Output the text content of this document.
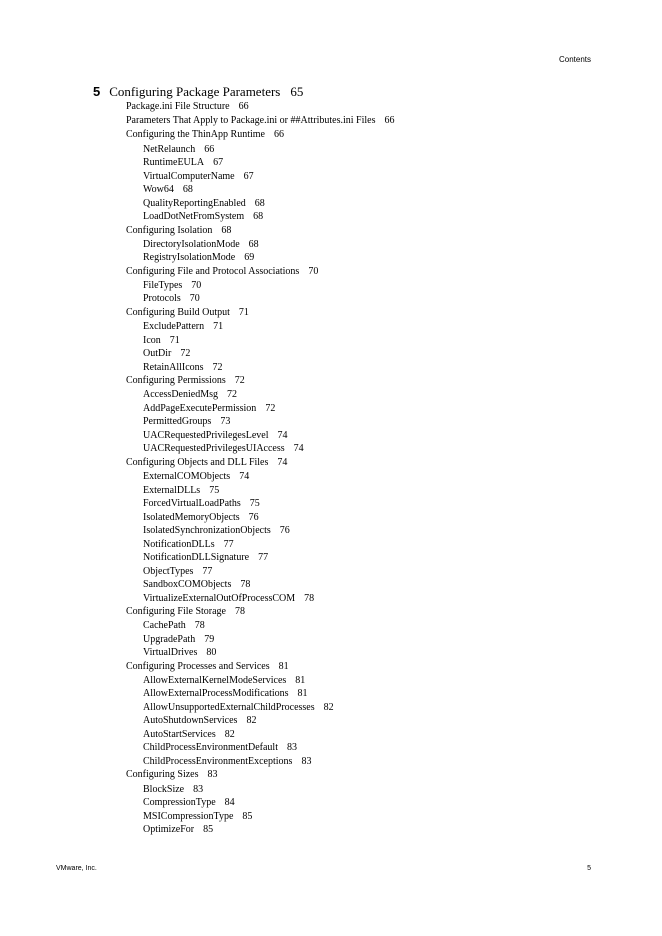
Contents
5 Configuring Package Parameters 65
Package.ini File Structure 66
Parameters That Apply to Package.ini or ##Attributes.ini Files 66
Configuring the ThinApp Runtime 66
NetRelaunch 66
RuntimeEULA 67
VirtualComputerName 67
Wow64 68
QualityReportingEnabled 68
LoadDotNetFromSystem 68
Configuring Isolation 68
DirectoryIsolationMode 68
RegistryIsolationMode 69
Configuring File and Protocol Associations 70
FileTypes 70
Protocols 70
Configuring Build Output 71
ExcludePattern 71
Icon 71
OutDir 72
RetainAllIcons 72
Configuring Permissions 72
AccessDeniedMsg 72
AddPageExecutePermission 72
PermittedGroups 73
UACRequestedPrivilegesLevel 74
UACRequestedPrivilegesUIAccess 74
Configuring Objects and DLL Files 74
ExternalCOMObjects 74
ExternalDLLs 75
ForcedVirtualLoadPaths 75
IsolatedMemoryObjects 76
IsolatedSynchronizationObjects 76
NotificationDLLs 77
NotificationDLLSignature 77
ObjectTypes 77
SandboxCOMObjects 78
VirtualizeExternalOutOfProcessCOM 78
Configuring File Storage 78
CachePath 78
UpgradePath 79
VirtualDrives 80
Configuring Processes and Services 81
AllowExternalKernelModeServices 81
AllowExternalProcessModifications 81
AllowUnsupportedExternalChildProcesses 82
AutoShutdownServices 82
AutoStartServices 82
ChildProcessEnvironmentDefault 83
ChildProcessEnvironmentExceptions 83
Configuring Sizes 83
BlockSize 83
CompressionType 84
MSICompressionType 85
OptimizeFor 85
VMware, Inc.	5
